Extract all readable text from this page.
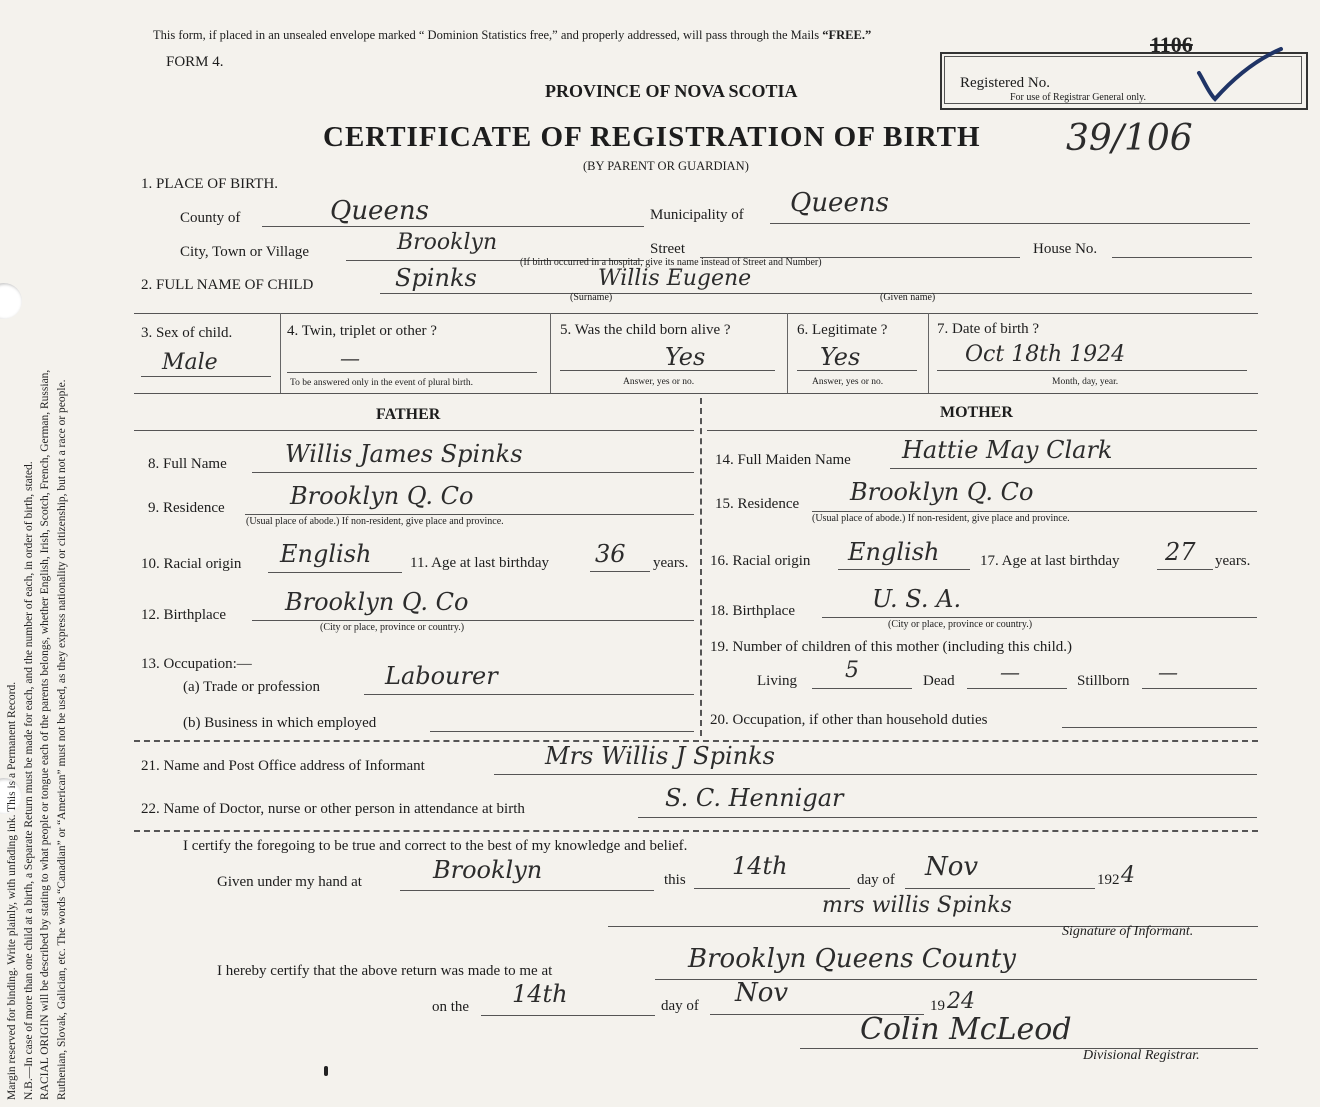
Margin reserved for binding. Write plainly, with unfading ink. This is a Permanent Record. N.B.—In case of more than one child at a birth, a Separate Return must be made for each, and the number of each, in order of birth, stated. RACIAL ORIGIN will be described by stating to what people or tongue each of the parents belongs, whether English, Irish, Scotch, French, German, Russian, Ruthenian, Slovak, Galician, etc. The words “Canadian” or “American” must not be used, as they express nationality or citizenship, but not a race or people.
This form, if placed in an unsealed envelope marked “ Dominion Statistics free,” and properly addressed, will pass through the Mails “FREE.”
FORM 4.
PROVINCE OF NOVA SCOTIA	Registered No.
For use of Registrar General only.
1106
CERTIFICATE OF REGISTRATION OF BIRTH 39/106
(BY PARENT OR GUARDIAN)
1. PLACE OF BIRTH.
County of	Queens	Municipality of Queens
City, Town or Village	Brooklyn	Street	House No.
(If birth occurred in a hospital, give its name instead of Street and Number)
2. FULL NAME OF CHILD	Spinks	Willis Eugene
(Surname)	(Given name)
3. Sex of child.
Male
4. Twin, triplet or other ?
—
To be answered only in the event of plural birth.
5. Was the child born alive ?
Yes
Answer, yes or no.
6. Legitimate ?
Yes
Answer, yes or no.
7. Date of birth ?
Oct 18th 1924
Month, day, year.
FATHER	MOTHER
8. Full Name Willis James Spinks
9. Residence	Brooklyn Q. Co
(Usual place of abode.) If non-resident, give place and province.
10. Racial origin English	11. Age at last birthday 36 years.
12. Birthplace Brooklyn Q. Co
(City or place, province or country.)
13. Occupation:—
(a) Trade or profession	Labourer
(b) Business in which employed
14. Full Maiden Name Hattie May Clark
15. Residence Brooklyn Q. Co
(Usual place of abode.) If non-resident, give place and province.
16. Racial origin English	17. Age at last birthday 27 years.
18. Birthplace	U. S. A.
(City or place, province or country.)
19. Number of children of this mother (including this child.)
Living 5	Dead —	Stillborn —
20. Occupation, if other than household duties
21. Name and Post Office address of Informant	Mrs Willis J Spinks
22. Name of Doctor, nurse or other person in attendance at birth	S. C. Hennigar
I certify the foregoing to be true and correct to the best of my knowledge and belief.
Given under my hand at	Brooklyn	this 14th	day of Nov	192 4
mrs willis Spinks
Signature of Informant.
I hereby certify that the above return was made to me at	Brooklyn Queens County
on the 14th	day of Nov	19 24
Colin McLeod
Divisional Registrar.
